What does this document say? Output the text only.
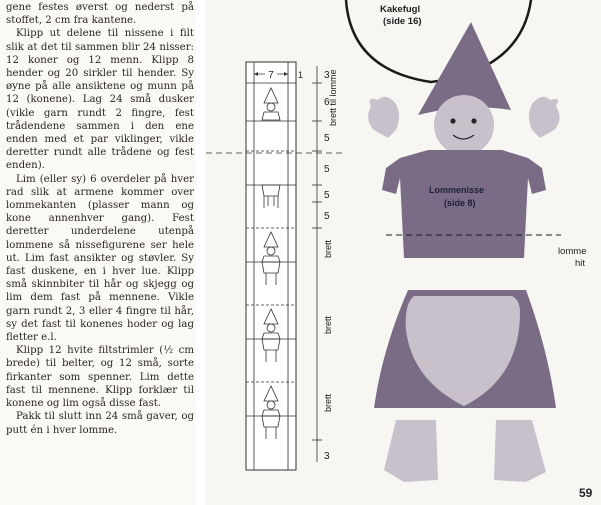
gene festes øverst og nederst på stoffet, 2 cm fra kantene.

Klipp ut delene til nissene i filt slik at det til sammen blir 24 nisser: 12 koner og 12 menn. Klipp 8 hender og 20 sirkler til hender. Sy øyne på alle ansiktene og munn på 12 (konene). Lag 24 små dusker (vikle garn rundt 2 fingre, fest trådendene sammen i den ene enden med et par viklinger, vikle deretter rundt alle trådene og fest enden).

Lim (eller sy) 6 overdeler på hver rad slik at armene kommer over lommekanten (plasser mann og kone annenhver gang). Fest deretter underdelene utenpå lommene så nissefigurene ser hele ut. Lim fast ansikter og støvler. Sy fast duskene, en i hver lue. Klipp små skinnbiter til hår og skjegg og lim dem fast på mennene. Vikle garn rundt 2, 3 eller 4 fingre til hår, sy det fast til konenes hoder og lag fletter e.l.

Klipp 12 hvite filtstrimler (½ cm brede) til belter, og 12 små, sorte firkanter som spenner. Lim dette fast til mennene. Klipp forklær til konene og lim også disse fast.

Pakk til slutt inn 24 små gaver, og putt én i hver lomme.

7	1 3
6
5
5
5
5
3
brett til lomme
brett
brett
brett
Lommenisse
(side 8)
Kakefugl
(side 16)
lomme
hit
59
